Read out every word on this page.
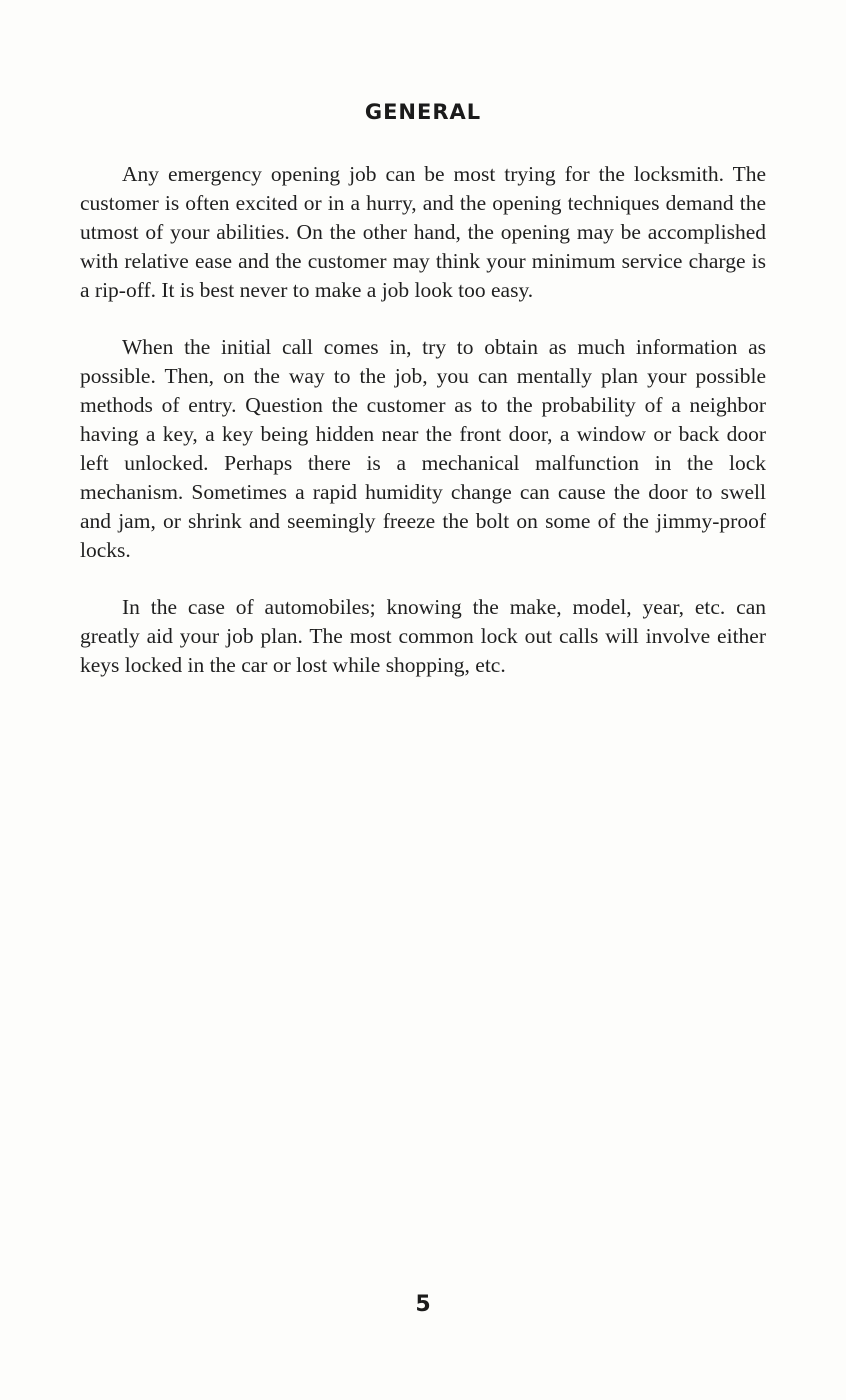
GENERAL

Any emergency opening job can be most trying for the locksmith. The customer is often excited or in a hurry, and the opening techniques demand the utmost of your abilities. On the other hand, the opening may be accomplished with relative ease and the customer may think your minimum service charge is a rip-off. It is best never to make a job look too easy.

When the initial call comes in, try to obtain as much information as possible. Then, on the way to the job, you can mentally plan your possible methods of entry. Question the customer as to the probability of a neighbor having a key, a key being hidden near the front door, a window or back door left unlocked. Perhaps there is a mechanical malfunction in the lock mechanism. Sometimes a rapid humidity change can cause the door to swell and jam, or shrink and seemingly freeze the bolt on some of the jimmy-proof locks.

In the case of automobiles; knowing the make, model, year, etc. can greatly aid your job plan. The most common lock out calls will involve either keys locked in the car or lost while shopping, etc.

5
